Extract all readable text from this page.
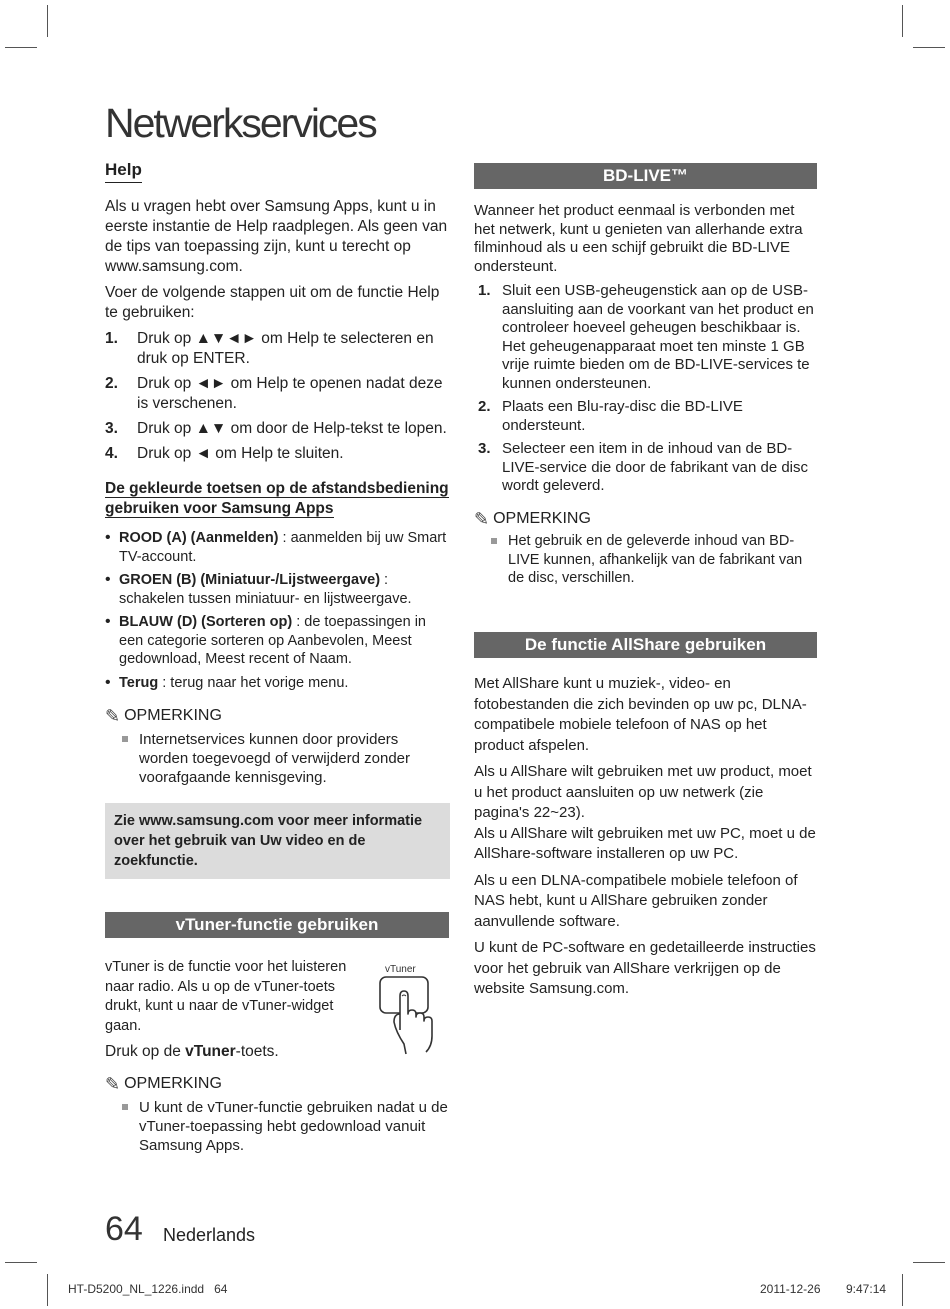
Netwerkservices
Help

Als u vragen hebt over Samsung Apps, kunt u in eerste instantie de Help raadplegen. Als geen van de tips van toepassing zijn, kunt u terecht op www.samsung.com.

Voer de volgende stappen uit om de functie Help te gebruiken:

1. Druk op ▲▼◄► om Help te selecteren en druk op ENTER.
2. Druk op ◄► om Help te openen nadat deze is verschenen.
3. Druk op ▲▼ om door de Help-tekst te lopen.
4. Druk op ◄ om Help te sluiten.
De gekleurde toetsen op de afstandsbediening gebruiken voor Samsung Apps
• ROOD (A) (Aanmelden) : aanmelden bij uw Smart TV-account.
• GROEN (B) (Miniatuur-/Lijstweergave) : schakelen tussen miniatuur- en lijstweergave.
• BLAUW (D) (Sorteren op) : de toepassingen in een categorie sorteren op Aanbevolen, Meest gedownload, Meest recent of Naam.
• Terug : terug naar het vorige menu.
✎ OPMERKING
Internetservices kunnen door providers worden toegevoegd of verwijderd zonder voorafgaande kennisgeving.
Zie www.samsung.com voor meer informatie over het gebruik van Uw video en de zoekfunctie.
vTuner-functie gebruiken
vTuner is de functie voor het luisteren naar radio. Als u op de vTuner-toets drukt, kunt u naar de vTuner-widget gaan.
Druk op de vTuner-toets.
vTuner
✎ OPMERKING
U kunt de vTuner-functie gebruiken nadat u de vTuner-toepassing hebt gedownload vanuit Samsung Apps.
BD-LIVE™

Wanneer het product eenmaal is verbonden met het netwerk, kunt u genieten van allerhande extra filminhoud als u een schijf gebruikt die BD-LIVE ondersteunt.

1. Sluit een USB-geheugenstick aan op de USB-aansluiting aan de voorkant van het product en controleer hoeveel geheugen beschikbaar is. Het geheugenapparaat moet ten minste 1 GB vrije ruimte bieden om de BD-LIVE-services te kunnen ondersteunen.
2. Plaats een Blu-ray-disc die BD-LIVE ondersteunt.
3. Selecteer een item in de inhoud van de BD-LIVE-service die door de fabrikant van de disc wordt geleverd.
✎ OPMERKING
Het gebruik en de geleverde inhoud van BD-LIVE kunnen, afhankelijk van de fabrikant van de disc, verschillen.
De functie AllShare gebruiken

Met AllShare kunt u muziek-, video- en fotobestanden die zich bevinden op uw pc, DLNA-compatibele mobiele telefoon of NAS op het product afspelen.

Als u AllShare wilt gebruiken met uw product, moet u het product aansluiten op uw netwerk (zie pagina's 22~23).

Als u AllShare wilt gebruiken met uw PC, moet u de AllShare-software installeren op uw PC.

Als u een DLNA-compatibele mobiele telefoon of NAS hebt, kunt u AllShare gebruiken zonder aanvullende software.

U kunt de PC-software en gedetailleerde instructies voor het gebruik van AllShare verkrijgen op de website Samsung.com.

64 Nederlands
HT-D5200_NL_1226.indd   64	2011-12-26 9:47:14
